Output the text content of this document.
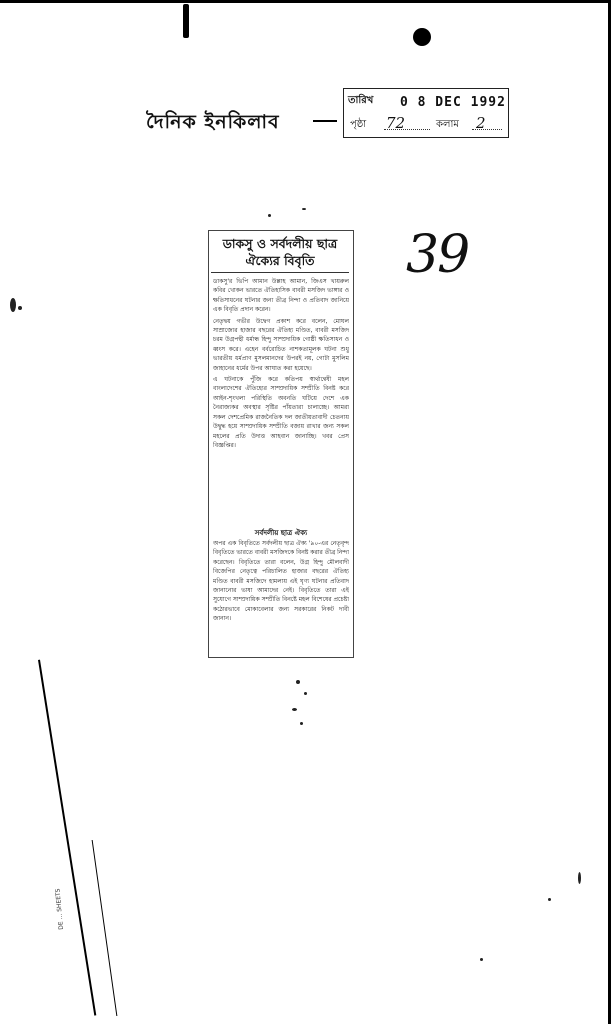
দৈনিক ইনকিলাব
তারিখ 0 8 DEC 1992
পৃষ্ঠা 72	কলাম 2
39
ডাকসু ও সর্বদলীয় ছাত্র ঐক্যের বিবৃতি

ডাকসু'র ভিপি আমান উল্লাহ আমান, জিএস খায়রুল কবির খোকন ভারতে ঐতিহাসিক বাবরী মসজিদ ভাঙ্গার ও ক্ষতিসাধনের ঘটনার জন্য তীব্র নিন্দা ও প্রতিবাদ জানিয়ে এক বিবৃতি প্রদান করেন।

নেতৃদ্বয় গভীর উদ্বেগ প্রকাশ করে বলেন, মোঘল সাম্রাজ্যের হাজার বছরের ঐতিহ্য মণ্ডিত, বাবরী মসজিদ চরম উগ্রপন্থী ধর্মান্ধ হিন্দু সাম্প্রদায়িক গোষ্ঠী ক্ষতিসাধন ও ধ্বংস করে। এহেন বর্বরোচিত নাশকতামূলক ঘটনা শুধু ভারতীয় ধর্মপ্রাণ মুসলমানদের উপরই নয়, গোটা মুসলিম জাহানের ধর্মের উপর আঘাত করা হয়েছে।

এ ঘটনাকে পুঁজি করে কতিপয় স্বার্থান্বেষী মহল বাংলাদেশের ঐতিহ্যের সাম্প্রদায়িক সম্প্রীতি বিনষ্ট করে আইন-শৃংখলা পরিস্থিতি অবনতি ঘটিয়ে দেশে এক নৈরাজ্যকর অবস্থার সৃষ্টির পাঁয়তারা চালাচ্ছে। আমরা সকল দেশপ্রেমিক রাজনৈতিক দল জাতীয়তাবাদী চেতনায় উদ্বুদ্ধ হয়ে সাম্প্রদায়িক সম্প্রীতি বজায় রাখার জন্য সকল মহলের প্রতি উদাত্ত আহবান জানাচ্ছি। খবর প্রেস বিজ্ঞপ্তির।

সর্বদলীয় ছাত্র ঐক্য

অপর এক বিবৃতিতে সর্বদলীয় ছাত্র ঐক্য '৯০-এর নেতৃবৃন্দ বিবৃতিতে ভারতে বাবরী মসজিদকে বিনষ্ট করার তীব্র নিন্দা করেছেন। বিবৃতিতে তারা বলেন, উগ্র হিন্দু মৌলবাদী বিজেপির নেতৃত্বে পরিচালিত হাজার বছরের ঐতিহ্য মণ্ডিত বাবরী মসজিদে হামলায় এই ঘৃণ্য ঘটনার প্রতিবাদ জানানোর ভাষা আমাদের নেই। বিবৃতিতে তারা এই সুযোগে সাম্প্রদায়িক সম্প্রীতি বিনষ্টে মহল বিশেষের প্রচেষ্টা কঠোরভাবে মোকাবেলার জন্য সরকারের নিকট দাবী জানান।

DE ... SHEETS
